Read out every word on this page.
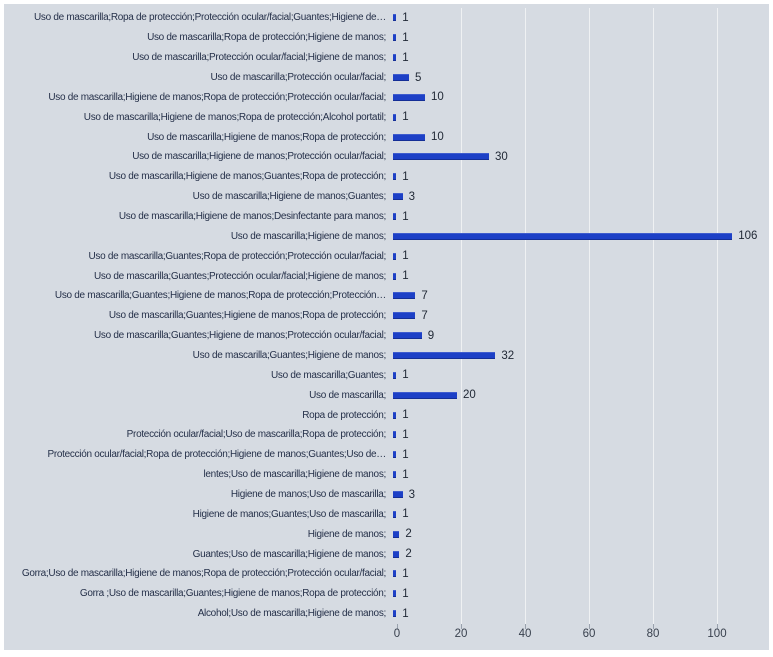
Uso de mascarilla;Ropa de protección;Protección ocular/facial;Guantes;Higiene de…	1
Uso de mascarilla;Ropa de protección;Higiene de manos;	1
Uso de mascarilla;Protección ocular/facial;Higiene de manos;	1
Uso de mascarilla;Protección ocular/facial;	5
Uso de mascarilla;Higiene de manos;Ropa de protección;Protección ocular/facial;	10
Uso de mascarilla;Higiene de manos;Ropa de protección;Alcohol portatil;	1
Uso de mascarilla;Higiene de manos;Ropa de protección;	10
Uso de mascarilla;Higiene de manos;Protección ocular/facial;	30
Uso de mascarilla;Higiene de manos;Guantes;Ropa de protección;	1
Uso de mascarilla;Higiene de manos;Guantes;	3
Uso de mascarilla;Higiene de manos;Desinfectante para manos;	1
Uso de mascarilla;Higiene de manos;	106
Uso de mascarilla;Guantes;Ropa de protección;Protección ocular/facial;	1
Uso de mascarilla;Guantes;Protección ocular/facial;Higiene de manos;	1
Uso de mascarilla;Guantes;Higiene de manos;Ropa de protección;Protección…	7
Uso de mascarilla;Guantes;Higiene de manos;Ropa de protección;	7
Uso de mascarilla;Guantes;Higiene de manos;Protección ocular/facial;	9
Uso de mascarilla;Guantes;Higiene de manos;	32
Uso de mascarilla;Guantes;	1
Uso de mascarilla;	20
Ropa de protección;	1
Protección ocular/facial;Uso de mascarilla;Ropa de protección;	1
Protección ocular/facial;Ropa de protección;Higiene de manos;Guantes;Uso de…	1
lentes;Uso de mascarilla;Higiene de manos;	1
Higiene de manos;Uso de mascarilla;	3
Higiene de manos;Guantes;Uso de mascarilla;	1
Higiene de manos;	2
Guantes;Uso de mascarilla;Higiene de manos;	2
Gorra;Uso de mascarilla;Higiene de manos;Ropa de protección;Protección ocular/facial;	1
Gorra ;Uso de mascarilla;Guantes;Higiene de manos;Ropa de protección;	1
Alcohol;Uso de mascarilla;Higiene de manos;	1
0	20	40	60	80	100
